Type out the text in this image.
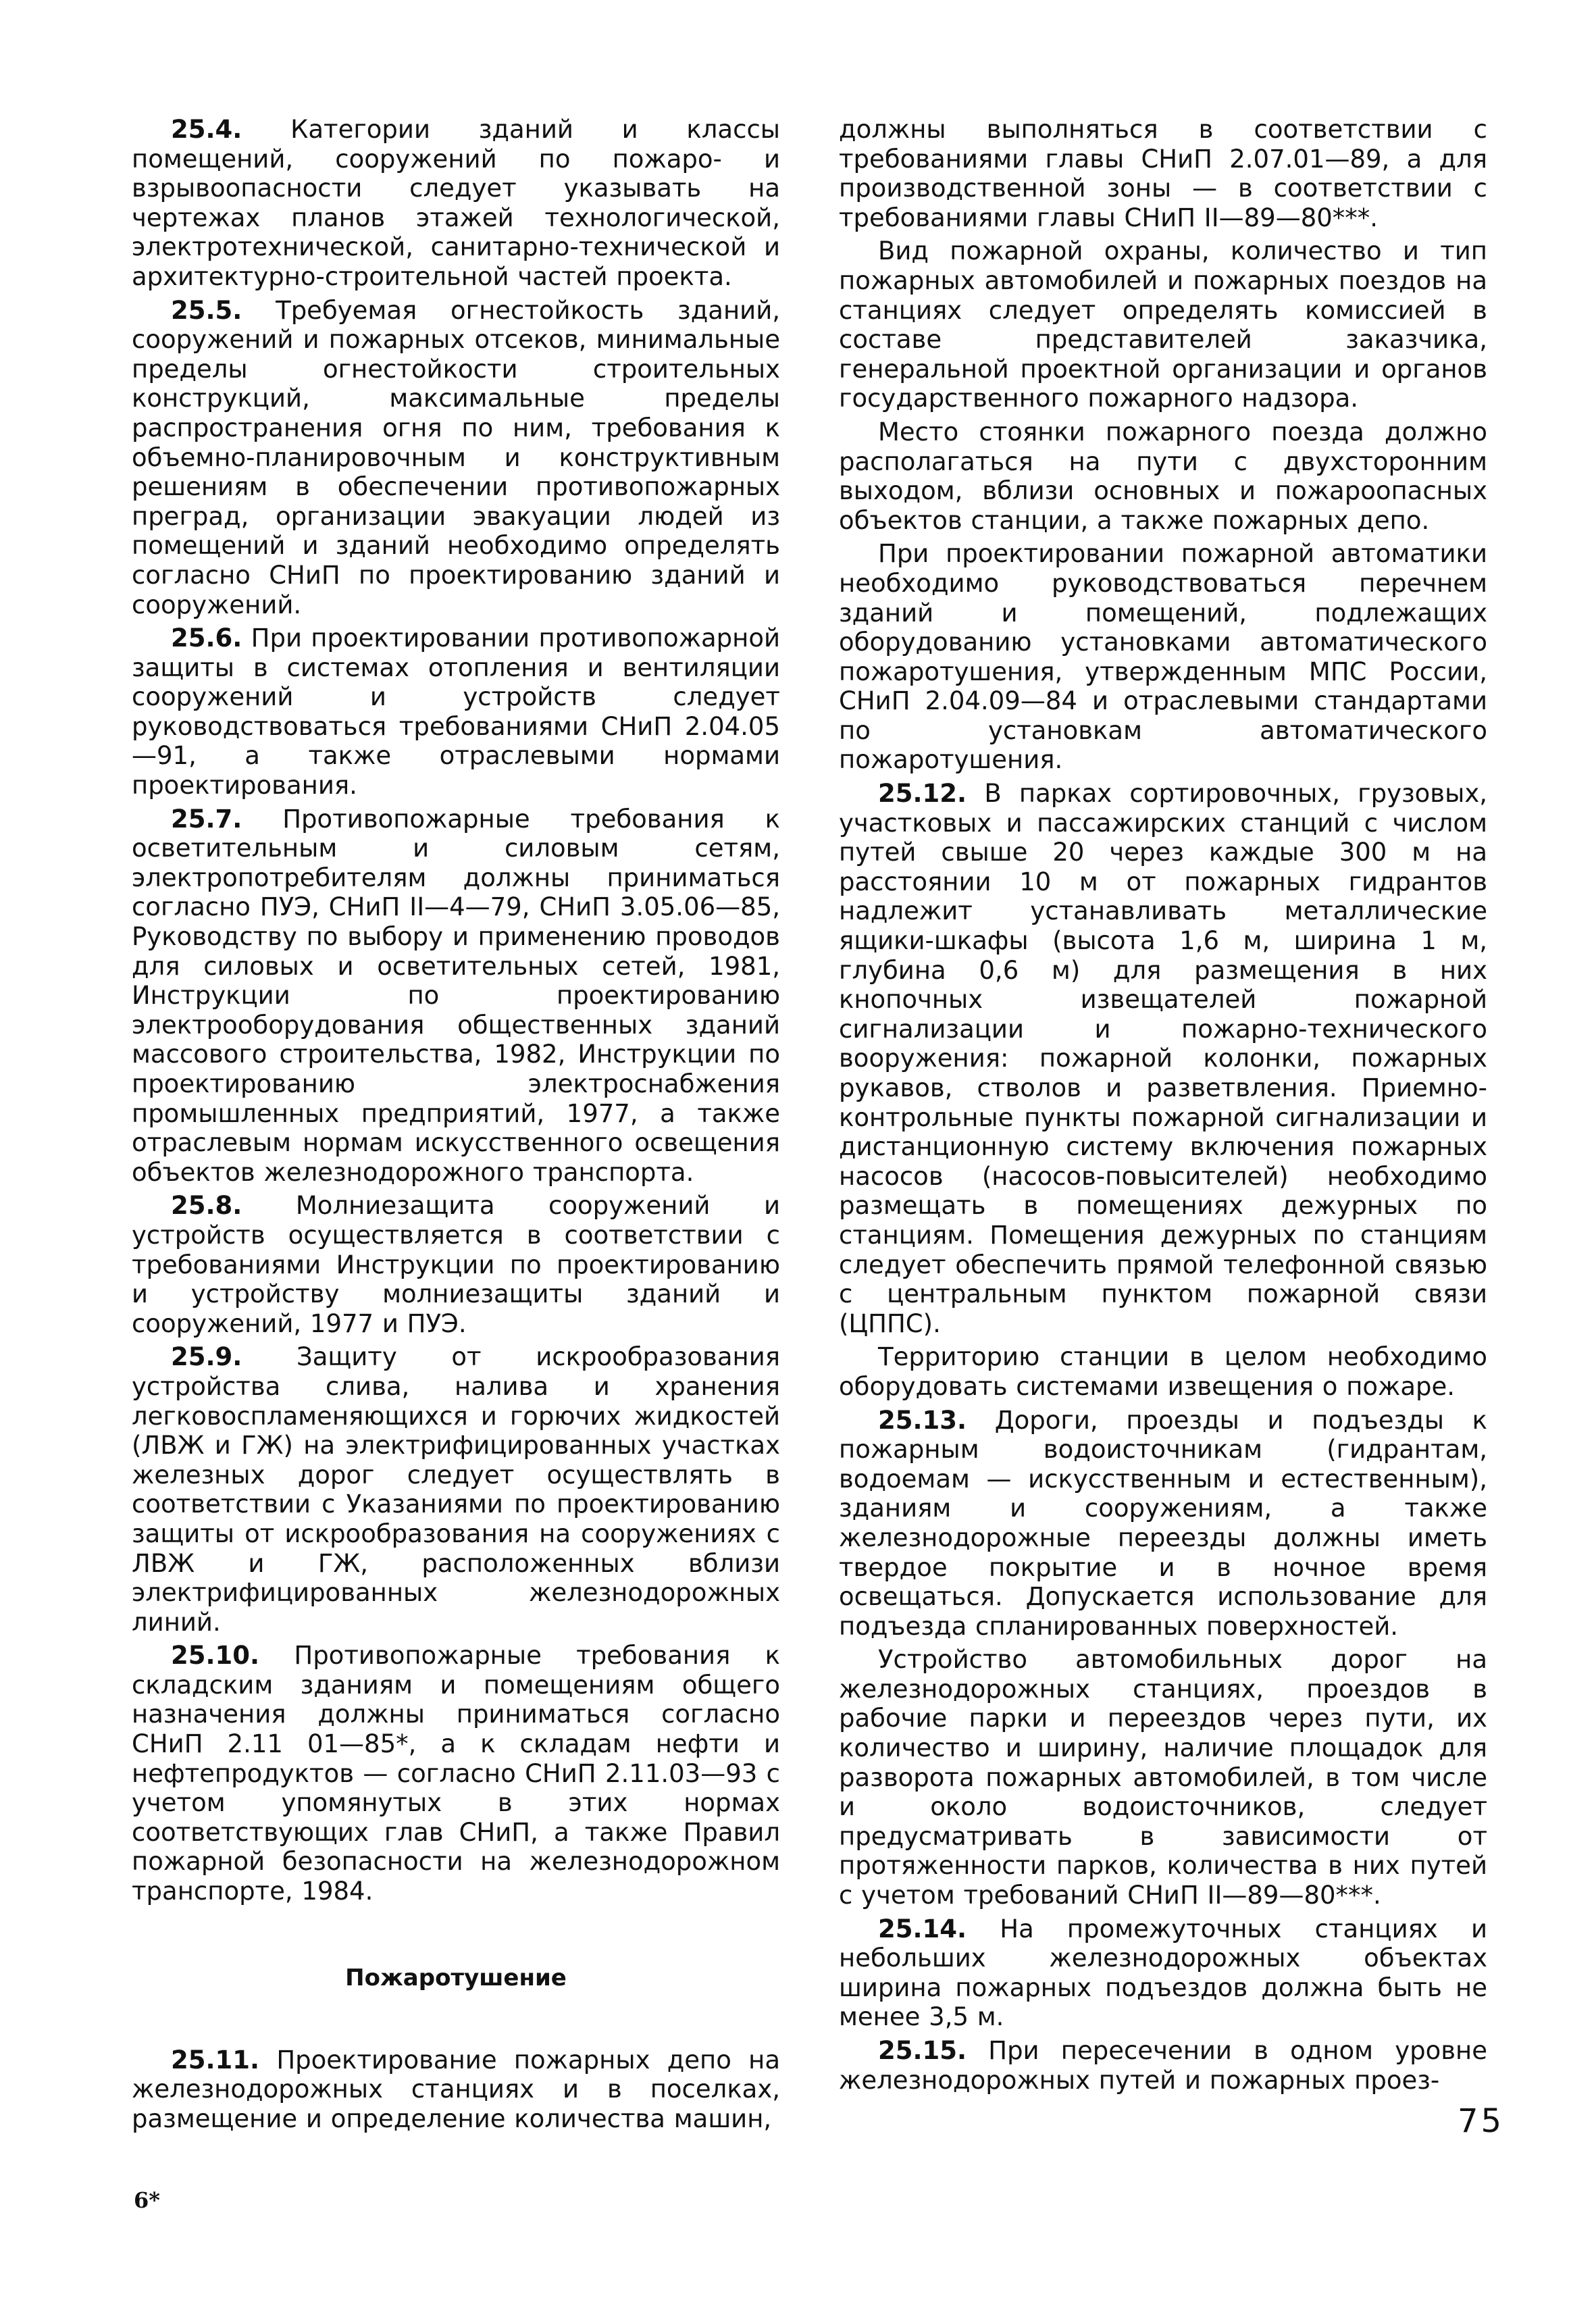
25.4. Категории зданий и классы помещений, сооружений по пожаро- и взрывоопасности следует указывать на чертежах планов этажей технологической, электротехнической, санитарно-технической и архитектурно-строительной частей проекта.

25.5. Требуемая огнестойкость зданий, сооружений и пожарных отсеков, минимальные пределы огнестойкости строительных конструкций, максимальные пределы распространения огня по ним, требования к объемно-планировочным и конструктивным решениям в обеспечении противопожарных преград, организации эвакуации людей из помещений и зданий необходимо определять согласно СНиП по проектированию зданий и сооружений.

25.6. При проектировании противопожарной защиты в системах отопления и вентиляции сооружений и устройств следует руководствоваться требованиями СНиП 2.04.05—91, а также отраслевыми нормами проектирования.

25.7. Противопожарные требования к осветительным и силовым сетям, электропотребителям должны приниматься согласно ПУЭ, СНиП II—4—79, СНиП 3.05.06—85, Руководству по выбору и применению проводов для силовых и осветительных сетей, 1981, Инструкции по проектированию электрооборудования общественных зданий массового строительства, 1982, Инструкции по проектированию электроснабжения промышленных предприятий, 1977, а также отраслевым нормам искусственного освещения объектов железнодорожного транспорта.

25.8. Молниезащита сооружений и устройств осуществляется в соответствии с требованиями Инструкции по проектированию и устройству молниезащиты зданий и сооружений, 1977 и ПУЭ.

25.9. Защиту от искрообразования устройства слива, налива и хранения легковоспламеняющихся и горючих жидкостей (ЛВЖ и ГЖ) на электрифицированных участках железных дорог следует осуществлять в соответствии с Указаниями по проектированию защиты от искрообразования на сооружениях с ЛВЖ и ГЖ, расположенных вблизи электрифицированных железнодорожных линий.

25.10. Противопожарные требования к складским зданиям и помещениям общего назначения должны приниматься согласно СНиП 2.11 01—85*, а к складам нефти и нефтепродуктов — согласно СНиП 2.11.03—93 с учетом упомянутых в этих нормах соответствующих глав СНиП, а также Правил пожарной безопасности на железнодорожном транспорте, 1984.

Пожаротушение

25.11. Проектирование пожарных депо на железнодорожных станциях и в поселках, размещение и определение количества машин,

должны выполняться в соответствии с требованиями главы СНиП 2.07.01—89, а для производственной зоны — в соответствии с требованиями главы СНиП II—89—80***.

Вид пожарной охраны, количество и тип пожарных автомобилей и пожарных поездов на станциях следует определять комиссией в составе представителей заказчика, генеральной проектной организации и органов государственного пожарного надзора.

Место стоянки пожарного поезда должно располагаться на пути с двухсторонним выходом, вблизи основных и пожароопасных объектов станции, а также пожарных депо.

При проектировании пожарной автоматики необходимо руководствоваться перечнем зданий и помещений, подлежащих оборудованию установками автоматического пожаротушения, утвержденным МПС России, СНиП 2.04.09—84 и отраслевыми стандартами по установкам автоматического пожаротушения.

25.12. В парках сортировочных, грузовых, участковых и пассажирских станций с числом путей свыше 20 через каждые 300 м на расстоянии 10 м от пожарных гидрантов надлежит устанавливать металлические ящики-шкафы (высота 1,6 м, ширина 1 м, глубина 0,6 м) для размещения в них кнопочных извещателей пожарной сигнализации и пожарно-технического вооружения: пожарной колонки, пожарных рукавов, стволов и разветвления. Приемно-контрольные пункты пожарной сигнализации и дистанционную систему включения пожарных насосов (насосов-повысителей) необходимо размещать в помещениях дежурных по станциям. Помещения дежурных по станциям следует обеспечить прямой телефонной связью с центральным пунктом пожарной связи (ЦППС).

Территорию станции в целом необходимо оборудовать системами извещения о пожаре.

25.13. Дороги, проезды и подъезды к пожарным водоисточникам (гидрантам, водоемам — искусственным и естественным), зданиям и сооружениям, а также железнодорожные переезды должны иметь твердое покрытие и в ночное время освещаться. Допускается использование для подъезда спланированных поверхностей.

Устройство автомобильных дорог на железнодорожных станциях, проездов в рабочие парки и переездов через пути, их количество и ширину, наличие площадок для разворота пожарных автомобилей, в том числе и около водоисточников, следует предусматривать в зависимости от протяженности парков, количества в них путей с учетом требований СНиП II—89—80***.

25.14. На промежуточных станциях и небольших железнодорожных объектах ширина пожарных подъездов должна быть не менее 3,5 м.

25.15. При пересечении в одном уровне железнодорожных путей и пожарных проез-

75
6*
